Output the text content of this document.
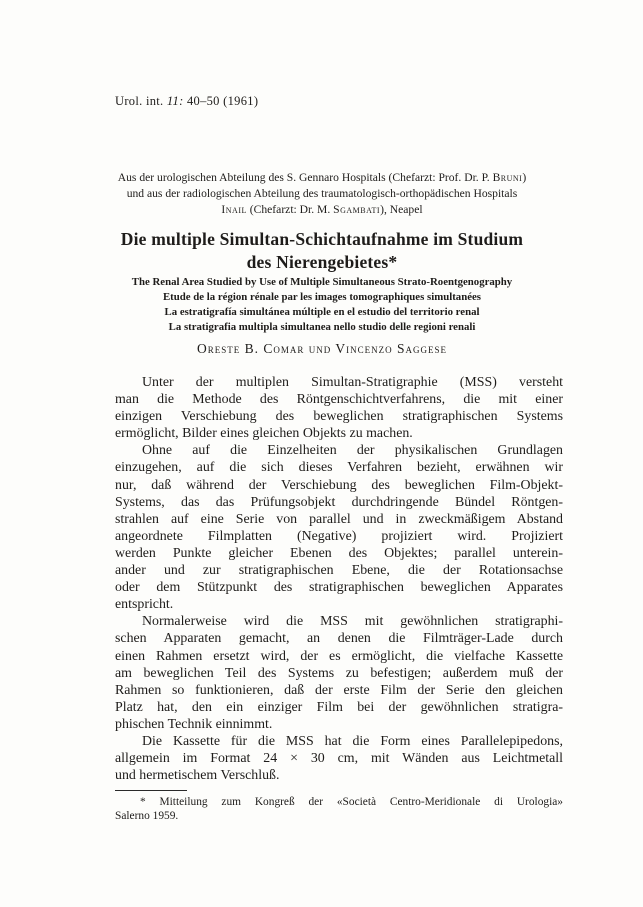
Urol. int. 11: 40–50 (1961)
Aus der urologischen Abteilung des S. Gennaro Hospitals (Chefarzt: Prof. Dr. P. Bruni)
und aus der radiologischen Abteilung des traumatologisch-orthopädischen Hospitals
Inail (Chefarzt: Dr. M. Sgambati), Neapel
Die multiple Simultan-Schichtaufnahme im Studium
des Nierengebietes*
The Renal Area Studied by Use of Multiple Simultaneous Strato-Roentgenography
Etude de la région rénale par les images tomographiques simultanées
La estratigrafía simultánea múltiple en el estudio del territorio renal
La stratigrafia multipla simultanea nello studio delle regioni renali
Oreste B. Comar und Vincenzo Saggese

Unter der multiplen Simultan-Stratigraphie (MSS) versteht
man die Methode des Röntgenschichtverfahrens, die mit einer
einzigen Verschiebung des beweglichen stratigraphischen Systems
ermöglicht, Bilder eines gleichen Objekts zu machen.

Ohne auf die Einzelheiten der physikalischen Grundlagen
einzugehen, auf die sich dieses Verfahren bezieht, erwähnen wir
nur, daß während der Verschiebung des beweglichen Film-Objekt-
Systems, das das Prüfungsobjekt durchdringende Bündel Röntgen-
strahlen auf eine Serie von parallel und in zweckmäßigem Abstand
angeordnete Filmplatten (Negative) projiziert wird. Projiziert
werden Punkte gleicher Ebenen des Objektes; parallel unterein-
ander und zur stratigraphischen Ebene, die der Rotationsachse
oder dem Stützpunkt des stratigraphischen beweglichen Apparates
entspricht.

Normalerweise wird die MSS mit gewöhnlichen stratigraphi-
schen Apparaten gemacht, an denen die Filmträger-Lade durch
einen Rahmen ersetzt wird, der es ermöglicht, die vielfache Kassette
am beweglichen Teil des Systems zu befestigen; außerdem muß der
Rahmen so funktionieren, daß der erste Film der Serie den gleichen
Platz hat, den ein einziger Film bei der gewöhnlichen stratigra-
phischen Technik einnimmt.

Die Kassette für die MSS hat die Form eines Parallelepipedons,
allgemein im Format 24 × 30 cm, mit Wänden aus Leichtmetall
und hermetischem Verschluß.

* Mitteilung zum Kongreß der «Società Centro-Meridionale di Urologia»
Salerno 1959.
